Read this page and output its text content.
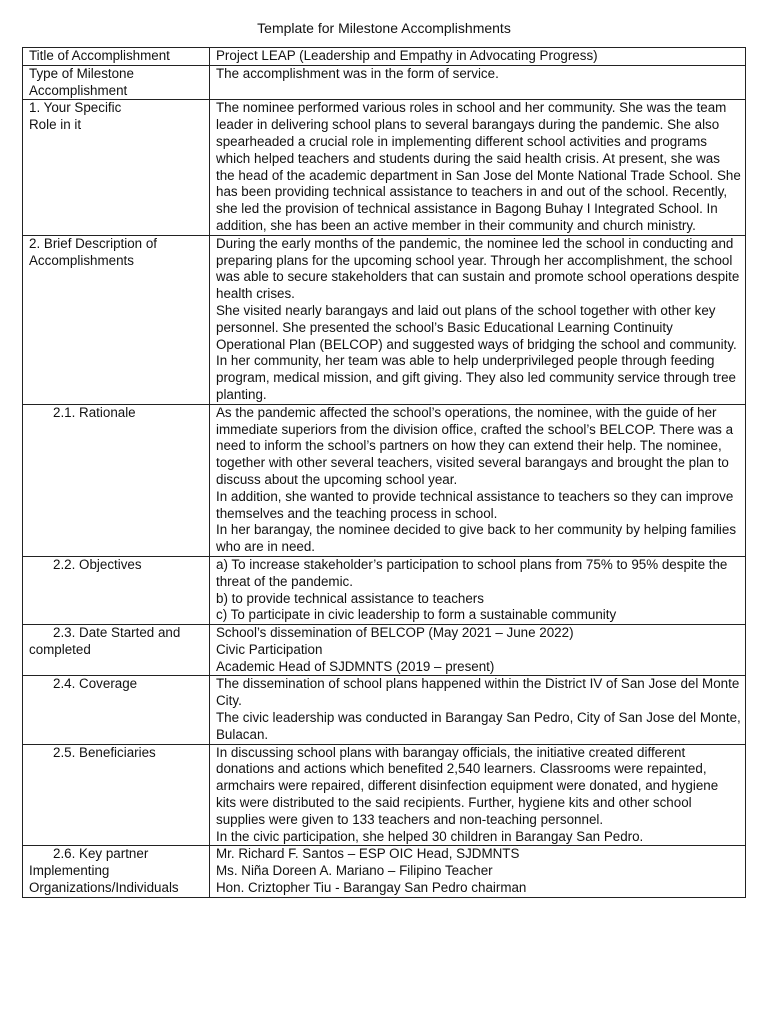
Template for Milestone Accomplishments
Title of Accomplishment	Project LEAP (Leadership and Empathy in Advocating Progress)

Type of Milestone
Accomplishment	The accomplishment was in the form of service.

1. Your Specific
Role in it	The nominee performed various roles in school and her community. She was the team leader in delivering school plans to several barangays during the pandemic. She also spearheaded a crucial role in implementing different school activities and programs which helped teachers and students during the said health crisis. At present, she was the head of the academic department in San Jose del Monte National Trade School. She has been providing technical assistance to teachers in and out of the school. Recently, she led the provision of technical assistance in Bagong Buhay I Integrated School. In addition, she has been an active member in their community and church ministry.

2. Brief Description of
Accomplishments	During the early months of the pandemic, the nominee led the school in conducting and preparing plans for the upcoming school year. Through her accomplishment, the school was able to secure stakeholders that can sustain and promote school operations despite health crises.
She visited nearly barangays and laid out plans of the school together with other key personnel. She presented the school’s Basic Educational Learning Continuity Operational Plan (BELCOP) and suggested ways of bridging the school and community.
In her community, her team was able to help underprivileged people through feeding program, medical mission, and gift giving. They also led community service through tree planting.

2.1. Rationale	As the pandemic affected the school’s operations, the nominee, with the guide of her immediate superiors from the division office, crafted the school’s BELCOP. There was a need to inform the school’s partners on how they can extend their help. The nominee, together with other several teachers, visited several barangays and brought the plan to discuss about the upcoming school year.
In addition, she wanted to provide technical assistance to teachers so they can improve themselves and the teaching process in school.
In her barangay, the nominee decided to give back to her community by helping families who are in need.

2.2. Objectives	a) To increase stakeholder’s participation to school plans from 75% to 95% despite the threat of the pandemic.
b) to provide technical assistance to teachers
c) To participate in civic leadership to form a sustainable community

2.3. Date Started and
completed	School’s dissemination of BELCOP (May 2021 – June 2022)
Civic Participation
Academic Head of SJDMNTS (2019 – present)

2.4. Coverage	The dissemination of school plans happened within the District IV of San Jose del Monte City.
The civic leadership was conducted in Barangay San Pedro, City of San Jose del Monte, Bulacan.

2.5. Beneficiaries	In discussing school plans with barangay officials, the initiative created different donations and actions which benefited 2,540 learners. Classrooms were repainted, armchairs were repaired, different disinfection equipment were donated, and hygiene kits were distributed to the said recipients. Further, hygiene kits and other school supplies were given to 133 teachers and non-teaching personnel.
In the civic participation, she helped 30 children in Barangay San Pedro.

2.6. Key partner
Implementing
Organizations/Individuals	Mr. Richard F. Santos – ESP OIC Head, SJDMNTS
Ms. Niña Doreen A. Mariano – Filipino Teacher
Hon. Criztopher Tiu - Barangay San Pedro chairman
